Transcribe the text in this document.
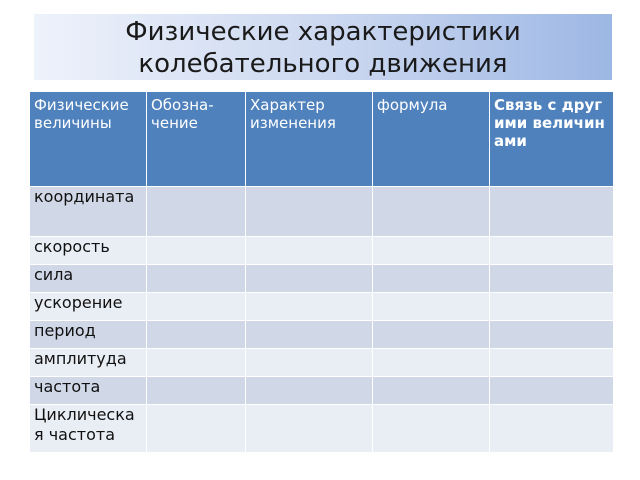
Физические характеристики
колебательного движения
Физические величины	Обозна-чение	Характер изменения	формула	Связь с другими величинами
координата				
скорость				
сила				
ускорение				
период				
амплитуда				
частота				
Циклическая частота				
